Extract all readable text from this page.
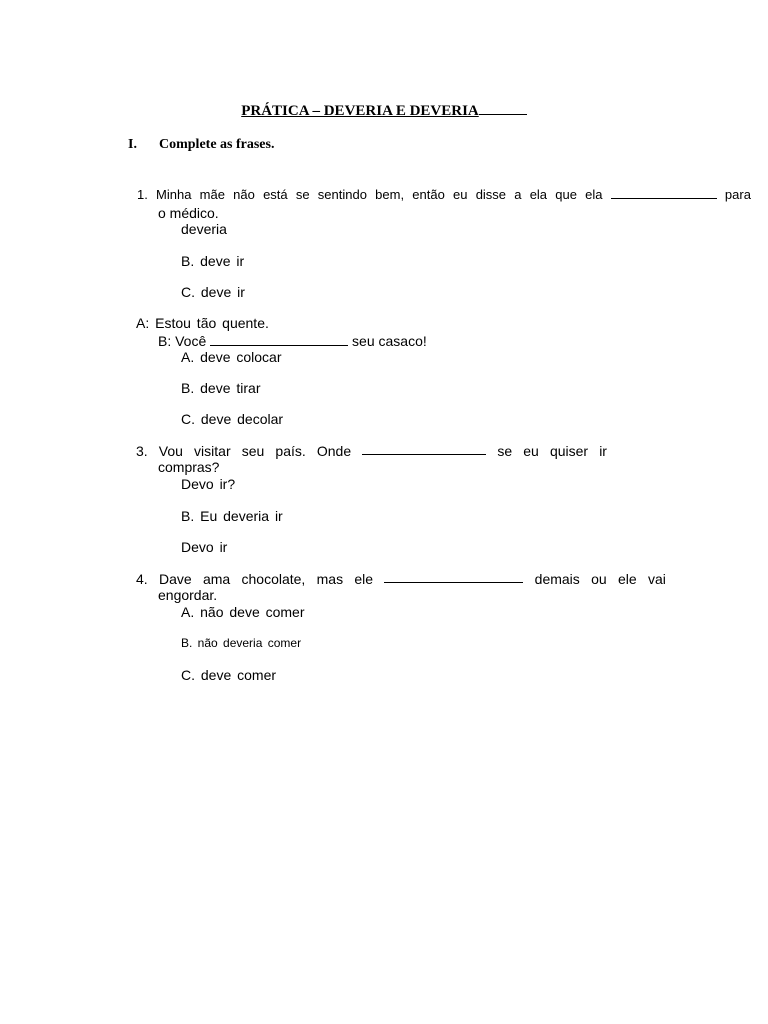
PRÁTICA – DEVERIA E DEVERIA
I. Complete as frases.
1. Minha mãe não está se sentindo bem, então eu disse a ela que ela	para
o médico.
deveria
B. deve ir
C. deve ir
A: Estou tão quente.
B: Você	seu casaco!
A. deve colocar
B. deve tirar
C. deve decolar
3. Vou visitar seu país. Onde	se eu quiser ir
compras?
Devo ir?
B. Eu deveria ir
Devo ir
4. Dave ama chocolate, mas ele	demais ou ele vai
engordar.
A. não deve comer
B. não deveria comer
C. deve comer
